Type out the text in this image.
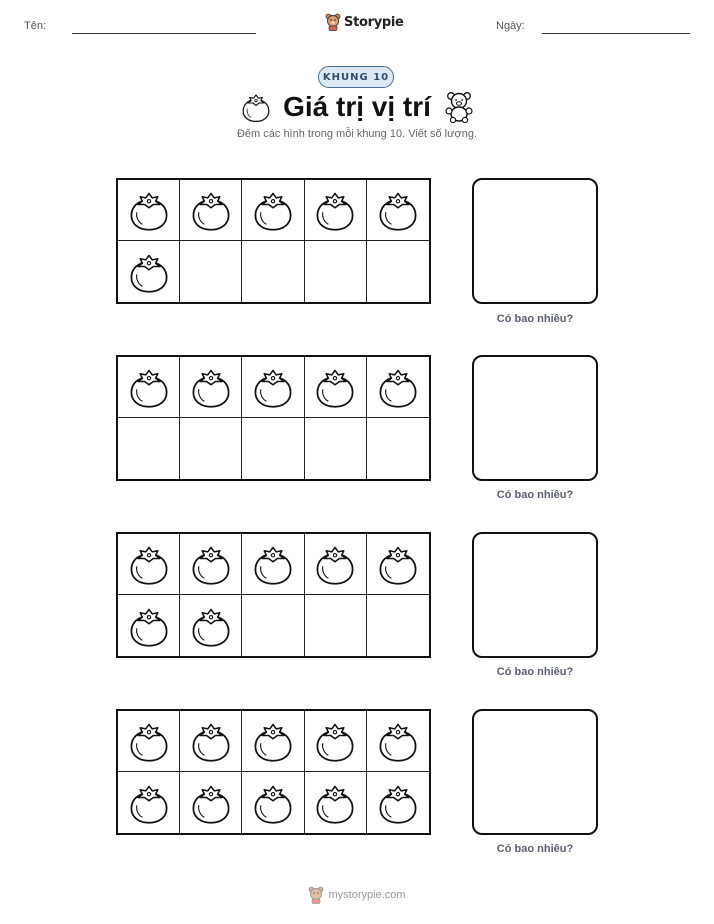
Tên:	Storypie	Ngày:
KHUNG 10
Giá trị vị trí
Đếm các hình trong mỗi khung 10. Viết số lượng.
Có bao nhiêu?
Có bao nhiêu?
Có bao nhiêu?
Có bao nhiêu?
mystorypie.com
